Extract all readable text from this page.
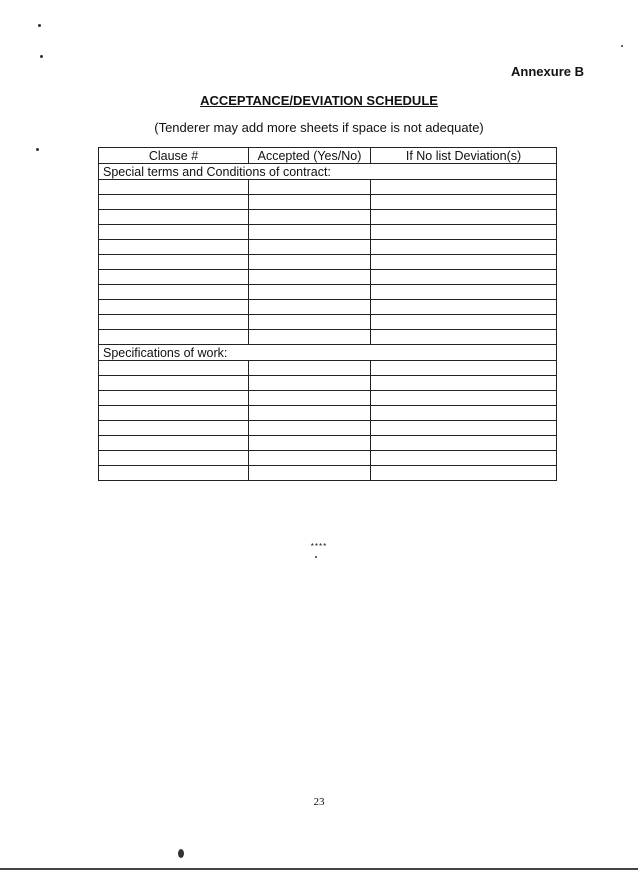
Annexure B
ACCEPTANCE/DEVIATION SCHEDULE
(Tenderer may add more sheets if space is not adequate)
Clause #	Accepted (Yes/No)	If No list Deviation(s)
Special terms and Conditions of contract:		

Specifications of work:		

****
23
